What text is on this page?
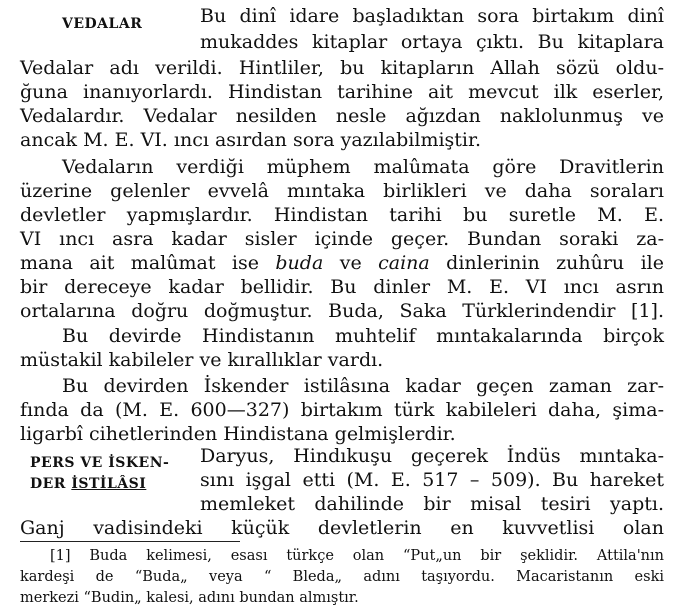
VEDALAR	Bu dinî idare başladıktan sora birtakım dinî
mukaddes kitaplar ortaya çıktı. Bu kitaplara
Vedalar adı verildi. Hintliler, bu kitapların Allah sözü oldu-
ğuna inanıyorlardı. Hindistan tarihine ait mevcut ilk eserler,
Vedalardır. Vedalar nesilden nesle ağızdan naklolunmuş ve
ancak M. E. VI. ıncı asırdan sora yazılabilmiştir.
Vedaların verdiği müphem malûmata göre Dravitlerin
üzerine gelenler evvelâ mıntaka birlikleri ve daha soraları
devletler yapmışlardır. Hindistan tarihi bu suretle M. E.
VI ıncı asra kadar sisler içinde geçer. Bundan soraki za-
mana ait malûmat ise buda ve caina dinlerinin zuhûru ile
bir dereceye kadar bellidir. Bu dinler M. E. VI ıncı asrın
ortalarına doğru doğmuştur. Buda, Saka Türklerindendir [1].
Bu devirde Hindistanın muhtelif mıntakalarında birçok
müstakil kabileler ve kırallıklar vardı.
Bu devirden İskender istilâsına kadar geçen zaman zar-
fında da (M. E. 600—327) birtakım türk kabileleri daha, şima-
ligarbî cihetlerinden Hindistana gelmişlerdir.
PERS VE İSKEN-
DER İSTİLÂSI
Daryus, Hindıkuşu geçerek İndüs mıntaka-
sını işgal etti (M. E. 517 – 509). Bu hareket
memleket dahilinde bir misal tesiri yaptı.
Ganj vadisindeki küçük devletlerin en kuvvetlisi olan
[1] Buda kelimesi, esası türkçe olan “Put„un bir şeklidir. Attila'nın
kardeşi de “Buda„ veya “ Bleda„ adını taşıyordu. Macaristanın eski
merkezi “Budin„ kalesi, adını bundan almıştır.
